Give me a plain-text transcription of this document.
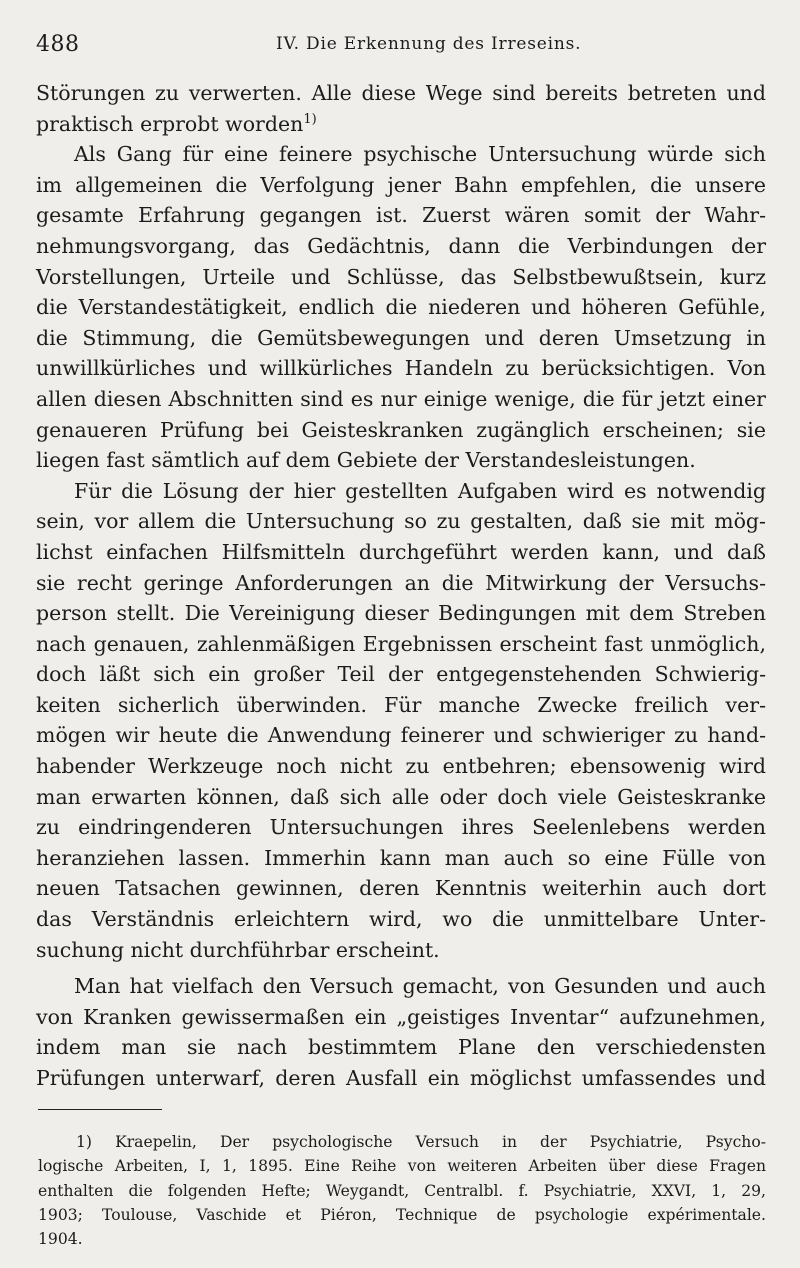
488	IV. Die Erkennung des Irreseins.
Störungen zu verwerten. Alle diese Wege sind bereits betreten und
praktisch erprobt worden$^{1)}$
Als Gang für eine feinere psychische Untersuchung würde sich
im allgemeinen die Verfolgung jener Bahn empfehlen, die unsere
gesamte Erfahrung gegangen ist. Zuerst wären somit der Wahr-
nehmungsvorgang, das Gedächtnis, dann die Verbindungen der
Vorstellungen, Urteile und Schlüsse, das Selbstbewußtsein, kurz
die Verstandestätigkeit, endlich die niederen und höheren Gefühle,
die Stimmung, die Gemütsbewegungen und deren Umsetzung in
unwillkürliches und willkürliches Handeln zu berücksichtigen. Von
allen diesen Abschnitten sind es nur einige wenige, die für jetzt einer
genaueren Prüfung bei Geisteskranken zugänglich erscheinen; sie
liegen fast sämtlich auf dem Gebiete der Verstandesleistungen.
Für die Lösung der hier gestellten Aufgaben wird es notwendig
sein, vor allem die Untersuchung so zu gestalten, daß sie mit mög-
lichst einfachen Hilfsmitteln durchgeführt werden kann, und daß
sie recht geringe Anforderungen an die Mitwirkung der Versuchs-
person stellt. Die Vereinigung dieser Bedingungen mit dem Streben
nach genauen, zahlenmäßigen Ergebnissen erscheint fast unmöglich,
doch läßt sich ein großer Teil der entgegenstehenden Schwierig-
keiten sicherlich überwinden. Für manche Zwecke freilich ver-
mögen wir heute die Anwendung feinerer und schwieriger zu hand-
habender Werkzeuge noch nicht zu entbehren; ebensowenig wird
man erwarten können, daß sich alle oder doch viele Geisteskranke
zu eindringenderen Untersuchungen ihres Seelenlebens werden
heranziehen lassen. Immerhin kann man auch so eine Fülle von
neuen Tatsachen gewinnen, deren Kenntnis weiterhin auch dort
das Verständnis erleichtern wird, wo die unmittelbare Unter-
suchung nicht durchführbar erscheint.
Man hat vielfach den Versuch gemacht, von Gesunden und auch
von Kranken gewissermaßen ein „geistiges Inventar“ aufzunehmen,
indem man sie nach bestimmtem Plane den verschiedensten
Prüfungen unterwarf, deren Ausfall ein möglichst umfassendes und
1) Kraepelin, Der psychologische Versuch in der Psychiatrie, Psycho-
logische Arbeiten, I, 1, 1895. Eine Reihe von weiteren Arbeiten über diese Fragen
enthalten die folgenden Hefte; Weygandt, Centralbl. f. Psychiatrie, XXVI, 1, 29,
1903; Toulouse, Vaschide et Piéron, Technique de psychologie expérimentale.
1904.
